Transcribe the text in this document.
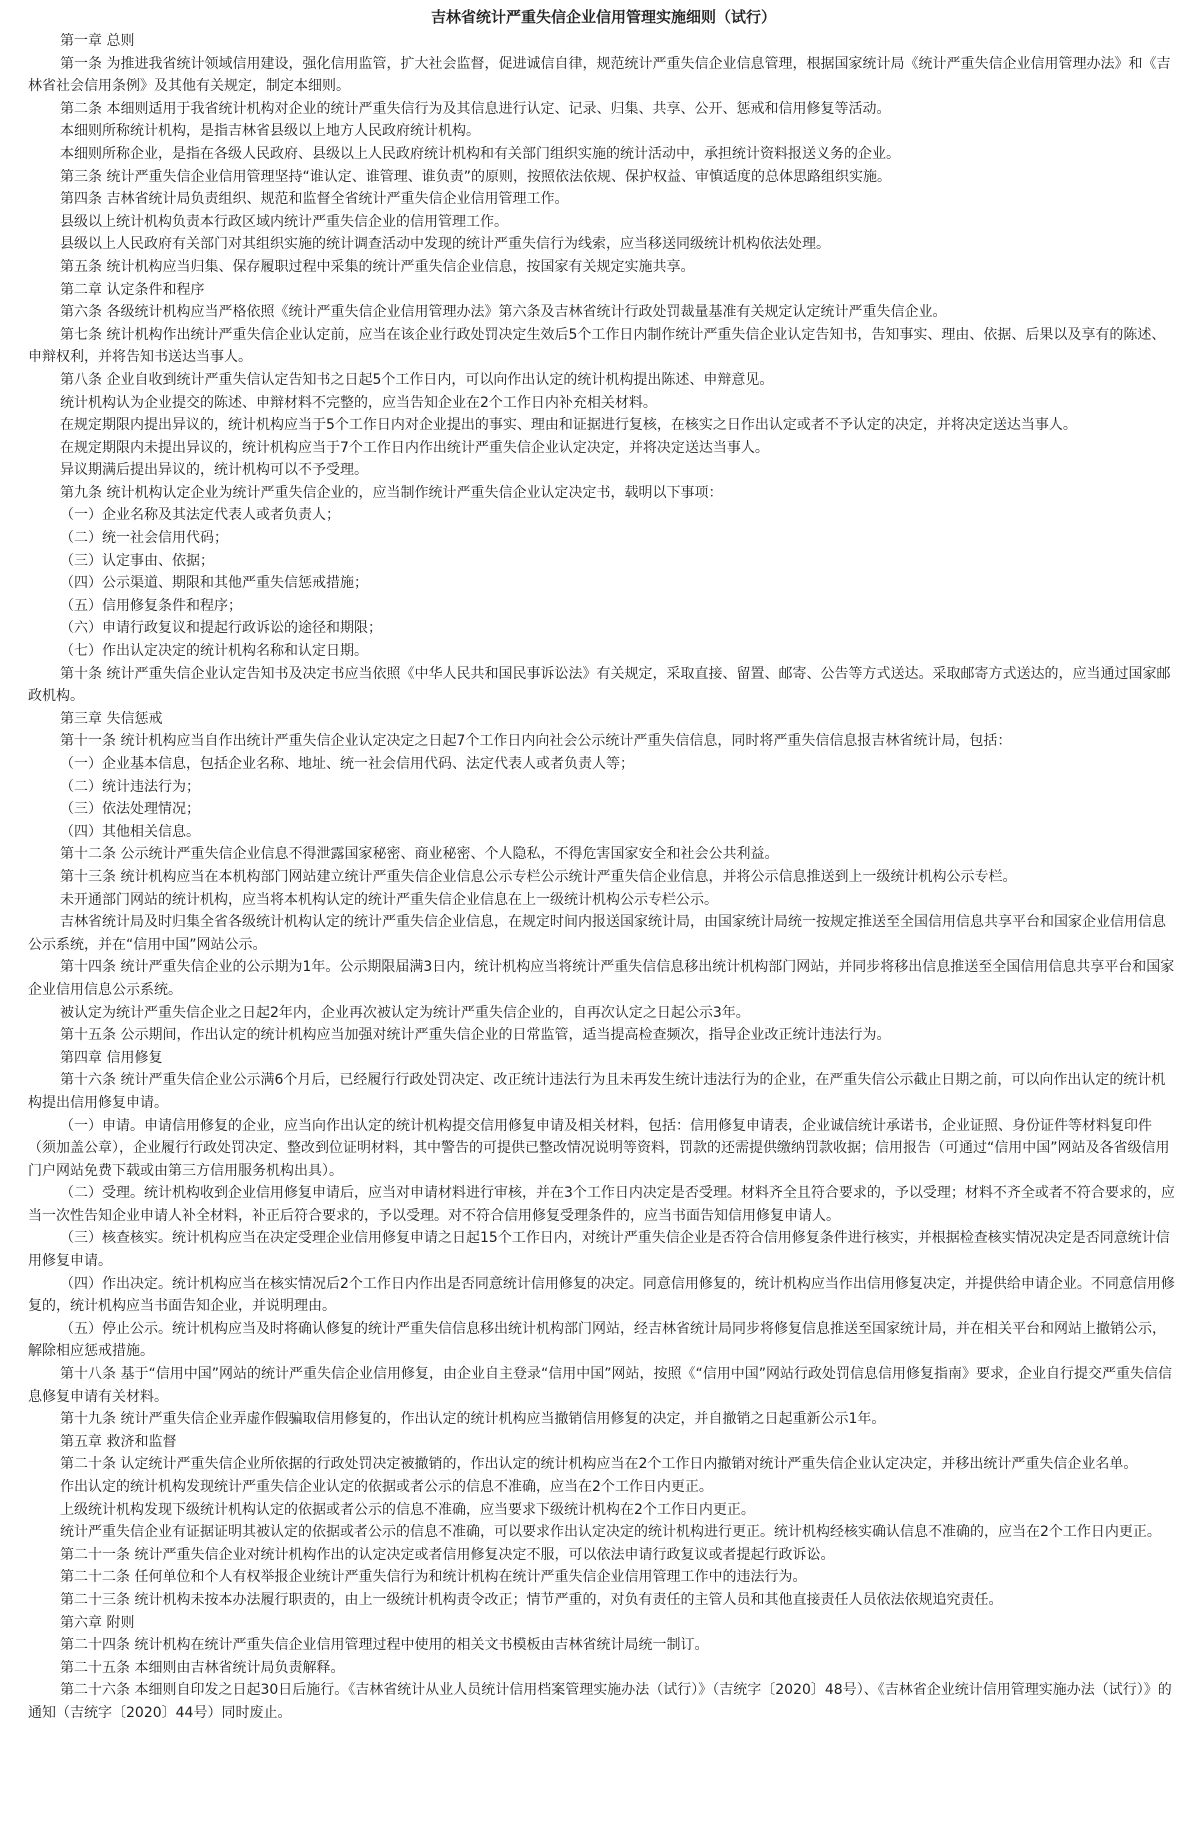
吉林省统计严重失信企业信用管理实施细则（试行）

第一章 总则

第一条 为推进我省统计领域信用建设，强化信用监管，扩大社会监督，促进诚信自律，规范统计严重失信企业信息管理，根据国家统计局《统计严重失信企业信用管理办法》和《吉林省社会信用条例》及其他有关规定，制定本细则。

第二条 本细则适用于我省统计机构对企业的统计严重失信行为及其信息进行认定、记录、归集、共享、公开、惩戒和信用修复等活动。

本细则所称统计机构，是指吉林省县级以上地方人民政府统计机构。

本细则所称企业，是指在各级人民政府、县级以上人民政府统计机构和有关部门组织实施的统计活动中，承担统计资料报送义务的企业。

第三条 统计严重失信企业信用管理坚持“谁认定、谁管理、谁负责”的原则，按照依法依规、保护权益、审慎适度的总体思路组织实施。

第四条 吉林省统计局负责组织、规范和监督全省统计严重失信企业信用管理工作。

县级以上统计机构负责本行政区域内统计严重失信企业的信用管理工作。

县级以上人民政府有关部门对其组织实施的统计调查活动中发现的统计严重失信行为线索，应当移送同级统计机构依法处理。

第五条 统计机构应当归集、保存履职过程中采集的统计严重失信企业信息，按国家有关规定实施共享。

第二章 认定条件和程序

第六条 各级统计机构应当严格依照《统计严重失信企业信用管理办法》第六条及吉林省统计行政处罚裁量基准有关规定认定统计严重失信企业。

第七条 统计机构作出统计严重失信企业认定前，应当在该企业行政处罚决定生效后5个工作日内制作统计严重失信企业认定告知书，告知事实、理由、依据、后果以及享有的陈述、申辩权利，并将告知书送达当事人。

第八条 企业自收到统计严重失信认定告知书之日起5个工作日内，可以向作出认定的统计机构提出陈述、申辩意见。

统计机构认为企业提交的陈述、申辩材料不完整的，应当告知企业在2个工作日内补充相关材料。

在规定期限内提出异议的，统计机构应当于5个工作日内对企业提出的事实、理由和证据进行复核，在核实之日作出认定或者不予认定的决定，并将决定送达当事人。

在规定期限内未提出异议的，统计机构应当于7个工作日内作出统计严重失信企业认定决定，并将决定送达当事人。

异议期满后提出异议的，统计机构可以不予受理。

第九条 统计机构认定企业为统计严重失信企业的，应当制作统计严重失信企业认定决定书，载明以下事项：

（一）企业名称及其法定代表人或者负责人；

（二）统一社会信用代码；

（三）认定事由、依据；

（四）公示渠道、期限和其他严重失信惩戒措施；

（五）信用修复条件和程序；

（六）申请行政复议和提起行政诉讼的途径和期限；

（七）作出认定决定的统计机构名称和认定日期。

第十条 统计严重失信企业认定告知书及决定书应当依照《中华人民共和国民事诉讼法》有关规定，采取直接、留置、邮寄、公告等方式送达。采取邮寄方式送达的，应当通过国家邮政机构。

第三章 失信惩戒

第十一条 统计机构应当自作出统计严重失信企业认定决定之日起7个工作日内向社会公示统计严重失信信息，同时将严重失信信息报吉林省统计局，包括：

（一）企业基本信息，包括企业名称、地址、统一社会信用代码、法定代表人或者负责人等；

（二）统计违法行为；

（三）依法处理情况；

（四）其他相关信息。

第十二条 公示统计严重失信企业信息不得泄露国家秘密、商业秘密、个人隐私，不得危害国家安全和社会公共利益。

第十三条 统计机构应当在本机构部门网站建立统计严重失信企业信息公示专栏公示统计严重失信企业信息，并将公示信息推送到上一级统计机构公示专栏。

未开通部门网站的统计机构，应当将本机构认定的统计严重失信企业信息在上一级统计机构公示专栏公示。

吉林省统计局及时归集全省各级统计机构认定的统计严重失信企业信息，在规定时间内报送国家统计局，由国家统计局统一按规定推送至全国信用信息共享平台和国家企业信用信息公示系统，并在“信用中国”网站公示。

第十四条 统计严重失信企业的公示期为1年。公示期限届满3日内，统计机构应当将统计严重失信信息移出统计机构部门网站，并同步将移出信息推送至全国信用信息共享平台和国家企业信用信息公示系统。

被认定为统计严重失信企业之日起2年内，企业再次被认定为统计严重失信企业的，自再次认定之日起公示3年。

第十五条 公示期间，作出认定的统计机构应当加强对统计严重失信企业的日常监管，适当提高检查频次，指导企业改正统计违法行为。

第四章 信用修复

第十六条 统计严重失信企业公示满6个月后，已经履行行政处罚决定、改正统计违法行为且未再发生统计违法行为的企业，在严重失信公示截止日期之前，可以向作出认定的统计机构提出信用修复申请。

（一）申请。申请信用修复的企业，应当向作出认定的统计机构提交信用修复申请及相关材料，包括：信用修复申请表，企业诚信统计承诺书，企业证照、身份证件等材料复印件（须加盖公章），企业履行行政处罚决定、整改到位证明材料，其中警告的可提供已整改情况说明等资料，罚款的还需提供缴纳罚款收据；信用报告（可通过“信用中国”网站及各省级信用门户网站免费下载或由第三方信用服务机构出具）。

（二）受理。统计机构收到企业信用修复申请后，应当对申请材料进行审核，并在3个工作日内决定是否受理。材料齐全且符合要求的，予以受理；材料不齐全或者不符合要求的，应当一次性告知企业申请人补全材料，补正后符合要求的，予以受理。对不符合信用修复受理条件的，应当书面告知信用修复申请人。

（三）核查核实。统计机构应当在决定受理企业信用修复申请之日起15个工作日内，对统计严重失信企业是否符合信用修复条件进行核实，并根据检查核实情况决定是否同意统计信用修复申请。

（四）作出决定。统计机构应当在核实情况后2个工作日内作出是否同意统计信用修复的决定。同意信用修复的，统计机构应当作出信用修复决定，并提供给申请企业。不同意信用修复的，统计机构应当书面告知企业，并说明理由。

（五）停止公示。统计机构应当及时将确认修复的统计严重失信信息移出统计机构部门网站，经吉林省统计局同步将修复信息推送至国家统计局，并在相关平台和网站上撤销公示，解除相应惩戒措施。

第十八条 基于“信用中国”网站的统计严重失信企业信用修复，由企业自主登录“信用中国”网站，按照《“信用中国”网站行政处罚信息信用修复指南》要求，企业自行提交严重失信信息修复申请有关材料。

第十九条 统计严重失信企业弄虚作假骗取信用修复的，作出认定的统计机构应当撤销信用修复的决定，并自撤销之日起重新公示1年。

第五章 救济和监督

第二十条 认定统计严重失信企业所依据的行政处罚决定被撤销的，作出认定的统计机构应当在2个工作日内撤销对统计严重失信企业认定决定，并移出统计严重失信企业名单。

作出认定的统计机构发现统计严重失信企业认定的依据或者公示的信息不准确，应当在2个工作日内更正。

上级统计机构发现下级统计机构认定的依据或者公示的信息不准确，应当要求下级统计机构在2个工作日内更正。

统计严重失信企业有证据证明其被认定的依据或者公示的信息不准确，可以要求作出认定决定的统计机构进行更正。统计机构经核实确认信息不准确的，应当在2个工作日内更正。

第二十一条 统计严重失信企业对统计机构作出的认定决定或者信用修复决定不服，可以依法申请行政复议或者提起行政诉讼。

第二十二条 任何单位和个人有权举报企业统计严重失信行为和统计机构在统计严重失信企业信用管理工作中的违法行为。

第二十三条 统计机构未按本办法履行职责的，由上一级统计机构责令改正；情节严重的，对负有责任的主管人员和其他直接责任人员依法依规追究责任。

第六章 附则

第二十四条 统计机构在统计严重失信企业信用管理过程中使用的相关文书模板由吉林省统计局统一制订。

第二十五条 本细则由吉林省统计局负责解释。

第二十六条 本细则自印发之日起30日后施行。《吉林省统计从业人员统计信用档案管理实施办法（试行）》（吉统字〔2020〕48号）、《吉林省企业统计信用管理实施办法（试行）》的通知（吉统字〔2020〕44号）同时废止。
